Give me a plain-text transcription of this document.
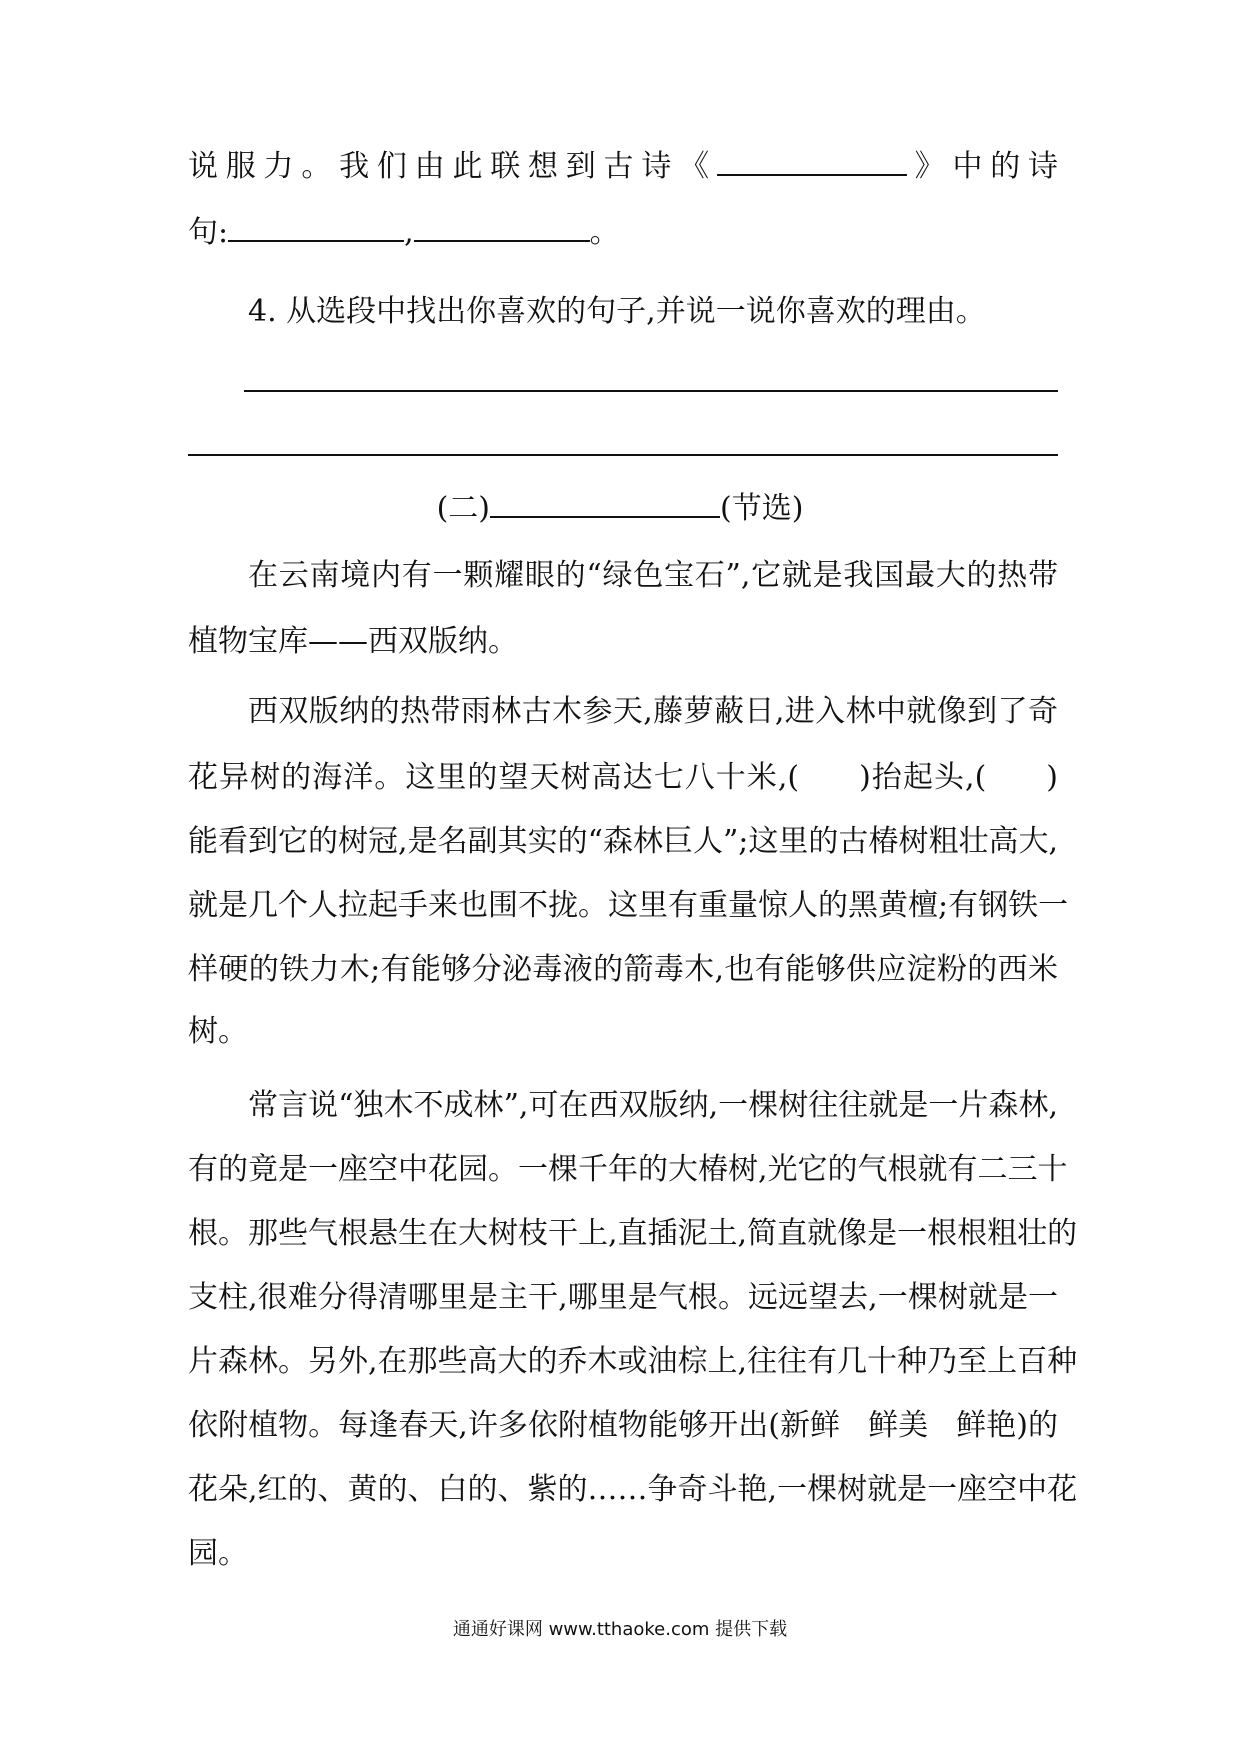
说服力。我们由此联想到古诗《	》中的诗
句:	,	。
4. 从选段中找出你喜欢的句子,并说一说你喜欢的理由。
(二)	(节选)
在云南境内有一颗耀眼的“绿色宝石”,它就是我国最大的热带
植物宝库——西双版纳。
西双版纳的热带雨林古木参天,藤萝蔽日,进入林中就像到了奇
花异树的海洋。这里的望天树高达七八十米,( )抬起头,( )
能看到它的树冠,是名副其实的“森林巨人”;这里的古椿树粗壮高大,
就是几个人拉起手来也围不拢。这里有重量惊人的黑黄檀;有钢铁一
样硬的铁力木;有能够分泌毒液的箭毒木,也有能够供应淀粉的西米
树。
常言说“独木不成林”,可在西双版纳,一棵树往往就是一片森林,
有的竟是一座空中花园。一棵千年的大椿树,光它的气根就有二三十
根。那些气根悬生在大树枝干上,直插泥土,简直就像是一根根粗壮的
支柱,很难分得清哪里是主干,哪里是气根。远远望去,一棵树就是一
片森林。另外,在那些高大的乔木或油棕上,往往有几十种乃至上百种
依附植物。每逢春天,许多依附植物能够开出(新鲜 鲜美 鲜艳)的
花朵,红的、黄的、白的、紫的……争奇斗艳,一棵树就是一座空中花
园。
通通好课网 www.tthaoke.com 提供下载
